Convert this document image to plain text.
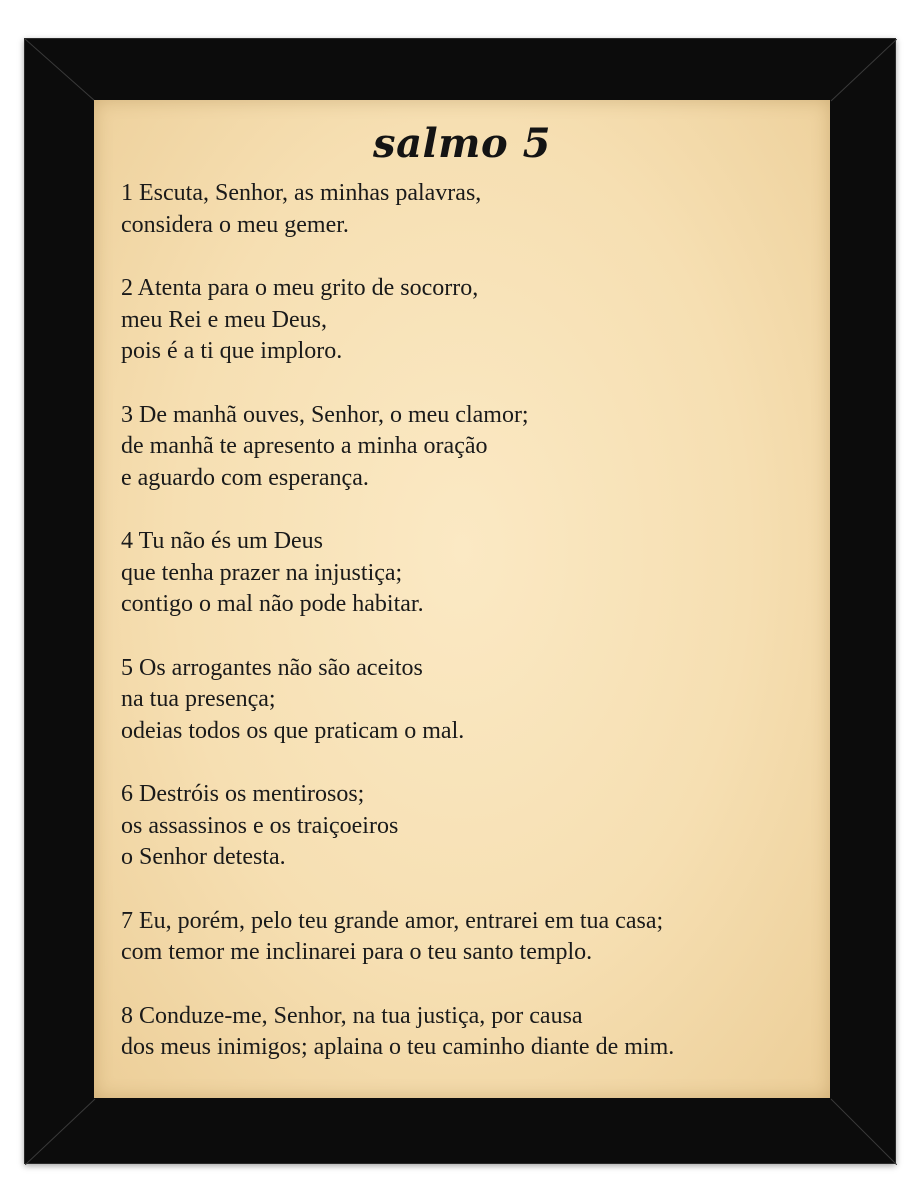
salmo 5
1 Escuta, Senhor, as minhas palavras,
considera o meu gemer.
2 Atenta para o meu grito de socorro,
meu Rei e meu Deus,
pois é a ti que imploro.
3 De manhã ouves, Senhor, o meu clamor;
de manhã te apresento a minha oração
e aguardo com esperança.
4 Tu não és um Deus
que tenha prazer na injustiça;
contigo o mal não pode habitar.
5 Os arrogantes não são aceitos
na tua presença;
odeias todos os que praticam o mal.
6 Destróis os mentirosos;
os assassinos e os traiçoeiros
o Senhor detesta.
7 Eu, porém, pelo teu grande amor, entrarei em tua casa;
com temor me inclinarei para o teu santo templo.
8 Conduze-me, Senhor, na tua justiça, por causa
dos meus inimigos; aplaina o teu caminho diante de mim.
